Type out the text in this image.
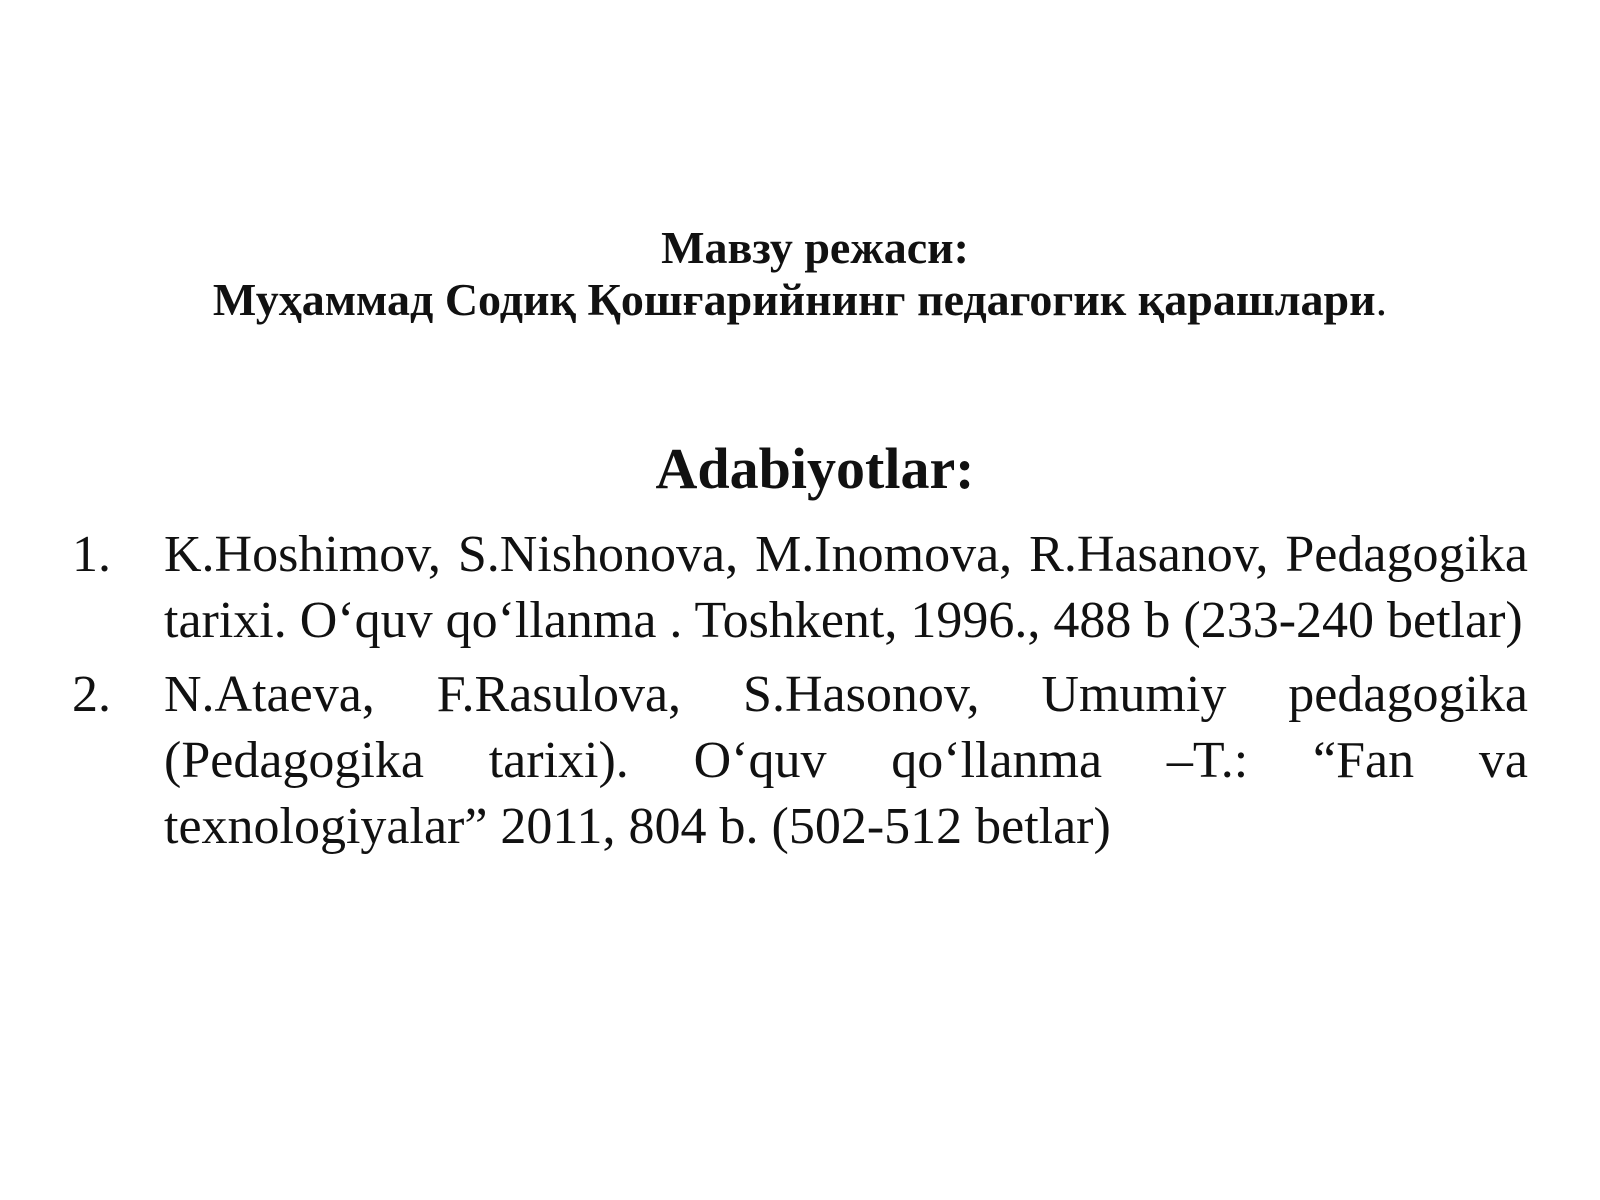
Мавзу режаси:

Муҳаммад Содиқ Қошғарийнинг педагогик қарашлари.

Adabiyotlar:
1.	K.Hoshimov, S.Nishonova, M.Inomova, R.Hasanov, Pedagogika tarixi. O‘quv qo‘llanma . Toshkent, 1996., 488 b (233-240 betlar)
2.	N.Ataeva, F.Rasulova, S.Hasonov, Umumiy pedagogika (Pedagogika tarixi). O‘quv qo‘llanma –T.: “Fan va texnologiyalar” 2011, 804 b. (502-512 betlar)
